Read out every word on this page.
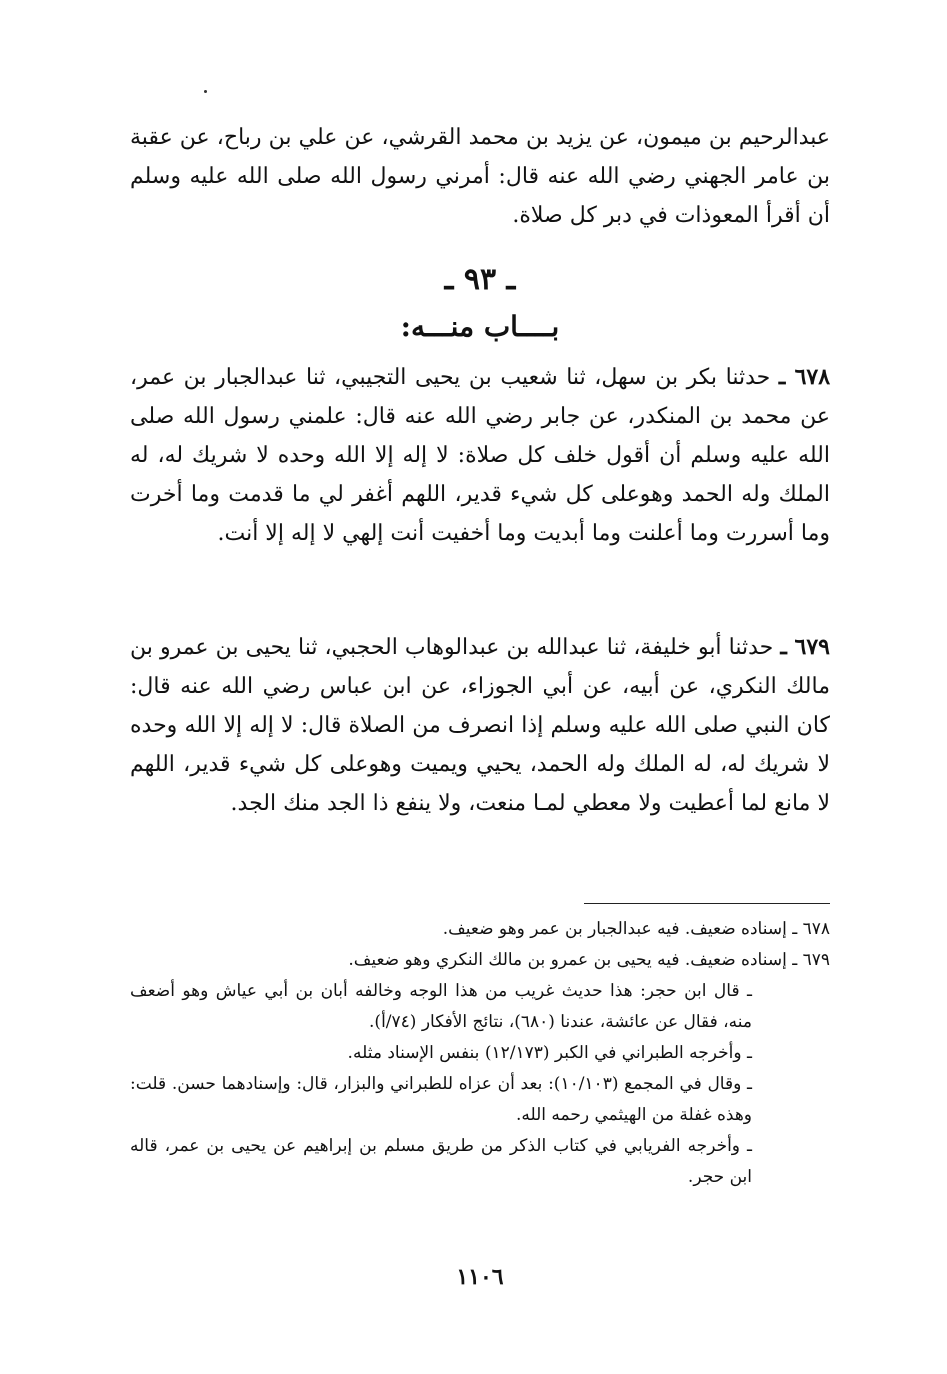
عبدالرحيم بن ميمون، عن يزيد بن محمد القرشي، عن علي بن رباح، عن عقبة بن عامر الجهني رضي الله عنه قال: أمرني رسول الله صلى الله عليه وسلم أن أقرأ المعوذات في دبر كل صلاة.

ـ ٩٣ ـ
بــــاب منـــه:

٦٧٨ ـ حدثنا بكر بن سهل، ثنا شعيب بن يحيى التجيبي، ثنا عبدالجبار بن عمر، عن محمد بن المنكدر، عن جابر رضي الله عنه قال: علمني رسول الله صلى الله عليه وسلم أن أقول خلف كل صلاة: لا إله إلا الله وحده لا شريك له، له الملك وله الحمد وهوعلى كل شيء قدير، اللهم أغفر لي ما قدمت وما أخرت وما أسررت وما أعلنت وما أبديت وما أخفيت أنت إلهي لا إله إلا أنت.

٦٧٩ ـ حدثنا أبو خليفة، ثنا عبدالله بن عبدالوهاب الحجبي، ثنا يحيى بن عمرو بن مالك النكري، عن أبيه، عن أبي الجوزاء، عن ابن عباس رضي الله عنه قال: كان النبي صلى الله عليه وسلم إذا انصرف من الصلاة قال: لا إله إلا الله وحده لا شريك له، له الملك وله الحمد، يحيي ويميت وهوعلى كل شيء قدير، اللهم لا مانع لما أعطيت ولا معطي لمـا منعت، ولا ينفع ذا الجد منك الجد.

٦٧٨ ـ إسناده ضعيف. فيه عبدالجبار بن عمر وهو ضعيف.

٦٧٩ ـ إسناده ضعيف. فيه يحيى بن عمرو بن مالك النكري وهو ضعيف.

ـ قال ابن حجر: هذا حديث غريب من هذا الوجه وخالفه أبان بن أبي عياش وهو أضعف منه، فقال عن عائشة، عندنا (٦٨٠)، نتائج الأفكار (٧٤/أ).

ـ وأخرجه الطبراني في الكبر (١٢/١٧٣) بنفس الإسناد مثله.

ـ وقال في المجمع (١٠/١٠٣): بعد أن عزاه للطبراني والبزار، قال: وإسنادهما حسن. قلت: وهذه غفلة من الهيثمي رحمه الله.

ـ وأخرجه الفريابي في كتاب الذكر من طريق مسلم بن إبراهيم عن يحيى بن عمر، قاله ابن حجر.

١١٠٦
